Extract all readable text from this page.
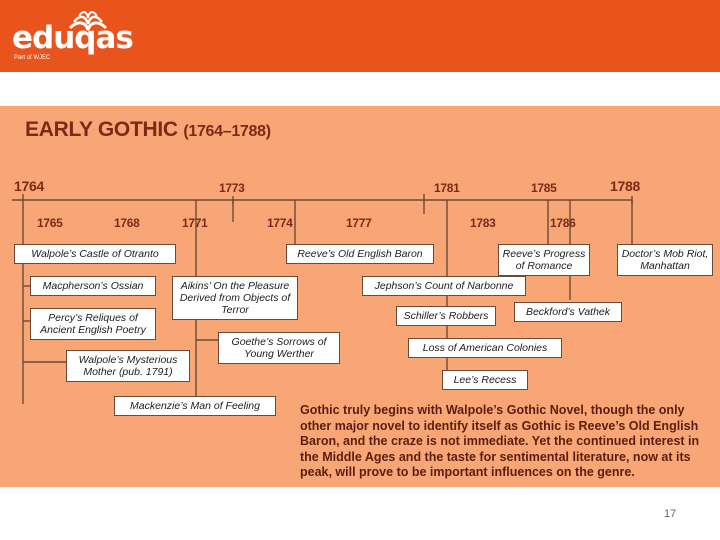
eduqas
Part of WJEC
EARLY GOTHIC (1764–1788)
1764	1773	1781	1785	1788
1765	1768	1771	1774	1777	1783	1786
Walpole’s Castle of Otranto	Reeve’s Old English Baron	Reeve’s Progress of Romance
Doctor’s Mob Riot, Manhattan
Macpherson’s Ossian	Aikins’ On the Pleasure Derived from Objects of Terror
Jephson’s Count of Narbonne
Percy’s Reliques of Ancient English Poetry
Schiller’s Robbers	Beckford’s Vathek
Goethe’s Sorrows of Young Werther	Loss of American Colonies
Walpole’s Mysterious Mother (pub. 1791)
Lee’s Recess
Mackenzie’s Man of Feeling	Gothic truly begins with Walpole’s Gothic Novel, though the only other major novel to identify itself as Gothic is Reeve’s Old English Baron, and the craze is not immediate. Yet the continued interest in the Middle Ages and the taste for sentimental literature, now at its peak, will prove to be important influences on the genre.
17
